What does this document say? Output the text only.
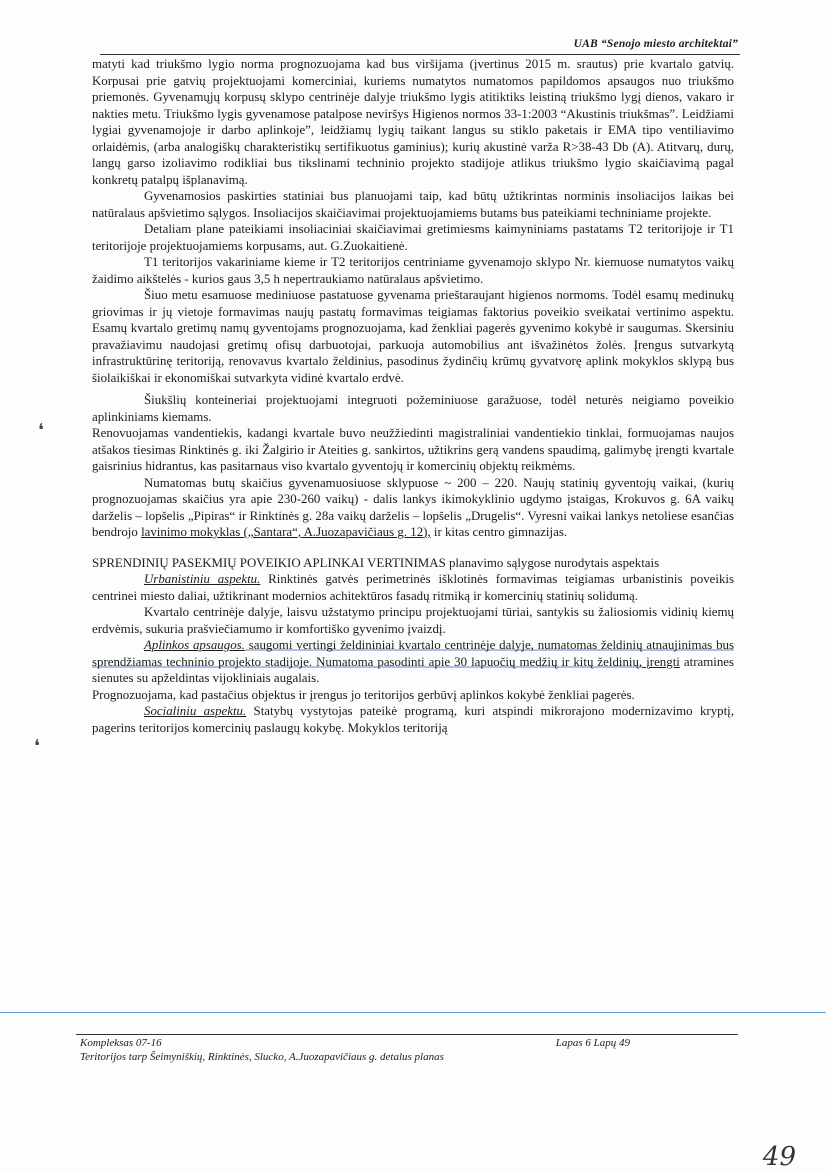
UAB “Senojo miesto architektai”
❛
❛

matyti kad triukšmo lygio norma prognozuojama kad bus viršijama (įvertinus 2015 m. srautus) prie kvartalo gatvių. Korpusai prie gatvių projektuojami komerciniai, kuriems numatytos numatomos papildomos apsaugos nuo triukšmo priemonės. Gyvenamųjų korpusų sklypo centrinėje dalyje triukšmo lygis atitiktiks leistiną triukšmo lygį dienos, vakaro ir nakties metu. Triukšmo lygis gyvenamose patalpose neviršys Higienos normos 33-1:2003 “Akustinis triukšmas”. Leidžiami lygiai gyvenamojoje ir darbo aplinkoje”, leidžiamų lygių taikant langus su stiklo paketais ir EMA tipo ventiliavimo orlaidėmis, (arba analogiškų charakteristikų sertifikuotus gaminius); kurių akustinė varža R>38-43 Db (A). Atitvarų, durų, langų garso izoliavimo rodikliai bus tikslinami techninio projekto stadijoje atlikus triukšmo lygio skaičiavimą pagal konkretų patalpų išplanavimą.

Gyvenamosios paskirties statiniai bus planuojami taip, kad būtų užtikrintas norminis insoliacijos laikas bei natūralaus apšvietimo sąlygos. Insoliacijos skaičiavimai projektuojamiems butams bus pateikiami techniniame projekte.

Detaliam plane pateikiami insoliaciniai skaičiavimai gretimiesms kaimyniniams pastatams T2 teritorijoje ir T1 teritorijoje projektuojamiems korpusams, aut. G.Zuokaitienė.

T1 teritorijos vakariniame kieme ir T2 teritorijos centriniame gyvenamojo sklypo Nr. kiemuose numatytos vaikų žaidimo aikštelės - kurios gaus 3,5 h nepertraukiamo natūralaus apšvietimo.

Šiuo metu esamuose mediniuose pastatuose gyvenama prieštaraujant higienos normoms. Todėl esamų medinukų griovimas ir jų vietoje formavimas naujų pastatų formavimas teigiamas faktorius poveikio sveikatai vertinimo aspektu. Esamų kvartalo gretimų namų gyventojams prognozuojama, kad ženkliai pagerės gyvenimo kokybė ir saugumas. Skersiniu pravažiavimu naudojasi gretimų ofisų darbuotojai, parkuoja automobilius ant išvažinėtos žolės. Įrengus sutvarkytą infrastruktūrinę teritoriją, renovavus kvartalo želdinius, pasodinus žydinčių krūmų gyvatvorę aplink mokyklos sklypą bus šiolaikiškai ir ekonomiškai sutvarkyta vidinė kvartalo erdvė.

Šiukšlių konteineriai projektuojami integruoti požeminiuose garažuose, todėl neturės neigiamo poveikio aplinkiniams kiemams.

Renovuojamas vandentiekis, kadangi kvartale buvo neužžiedinti magistraliniai vandentiekio tinklai, formuojamas naujos atšakos tiesimas Rinktinės g. iki Žalgirio ir Ateities g. sankirtos, užtikrins gerą vandens spaudimą, galimybę įrengti kvartale gaisrinius hidrantus, kas pasitarnaus viso kvartalo gyventojų ir komercinių objektų reikmėms.

Numatomas butų skaičius gyvenamuosiuose sklypuose ~ 200 – 220. Naujų statinių gyventojų vaikai, (kurių prognozuojamas skaičius yra apie 230-260 vaikų) - dalis lankys ikimokyklinio ugdymo įstaigas, Krokuvos g. 6A vaikų darželis – lopšelis „Pipiras“ ir Rinktinės g. 28a vaikų darželis – lopšelis „Drugelis“. Vyresni vaikai lankys netoliese esančias bendrojo lavinimo mokyklas („Santara“, A.Juozapavičiaus g. 12), ir kitas centro gimnazijas.

SPRENDINIŲ PASEKMIŲ POVEIKIO APLINKAI VERTINIMAS planavimo sąlygose nurodytais aspektais

Urbanistiniu aspektu. Rinktinės gatvės perimetrinės išklotinės formavimas teigiamas urbanistinis poveikis centrinei miesto daliai, užtikrinant modernios achitektūros fasadų ritmiką ir komercinių statinių solidumą.

Kvartalo centrinėje dalyje, laisvu užstatymo principu projektuojami tūriai, santykis su žaliosiomis vidinių kiemų erdvėmis, sukuria prašviečiamumo ir komfortiško gyvenimo įvaizdį.

Aplinkos apsaugos. saugomi vertingi želdininiai kvartalo centrinėje dalyje, numatomas želdinių atnaujinimas bus sprendžiamas techninio projekto stadijoje. Numatoma pasodinti apie 30 lapuočių medžių ir kitų želdinių, įrengti atramines sienutes su apželdintas vijokliniais augalais.

Prognozuojama, kad pastačius objektus ir įrengus jo teritorijos gerbūvį aplinkos kokybė ženkliai pagerės.

Socialiniu aspektu. Statybų vystytojas pateikė programą, kuri atspindi mikrorajono modernizavimo kryptį, pagerins teritorijos komercinių paslaugų kokybę. Mokyklos teritoriją

Kompleksas 07-16	Lapas 6 Lapų 49
Teritorijos tarp Šeimyniškių, Rinktinės, Slucko, A.Juozapavičiaus g. detalus planas
49
